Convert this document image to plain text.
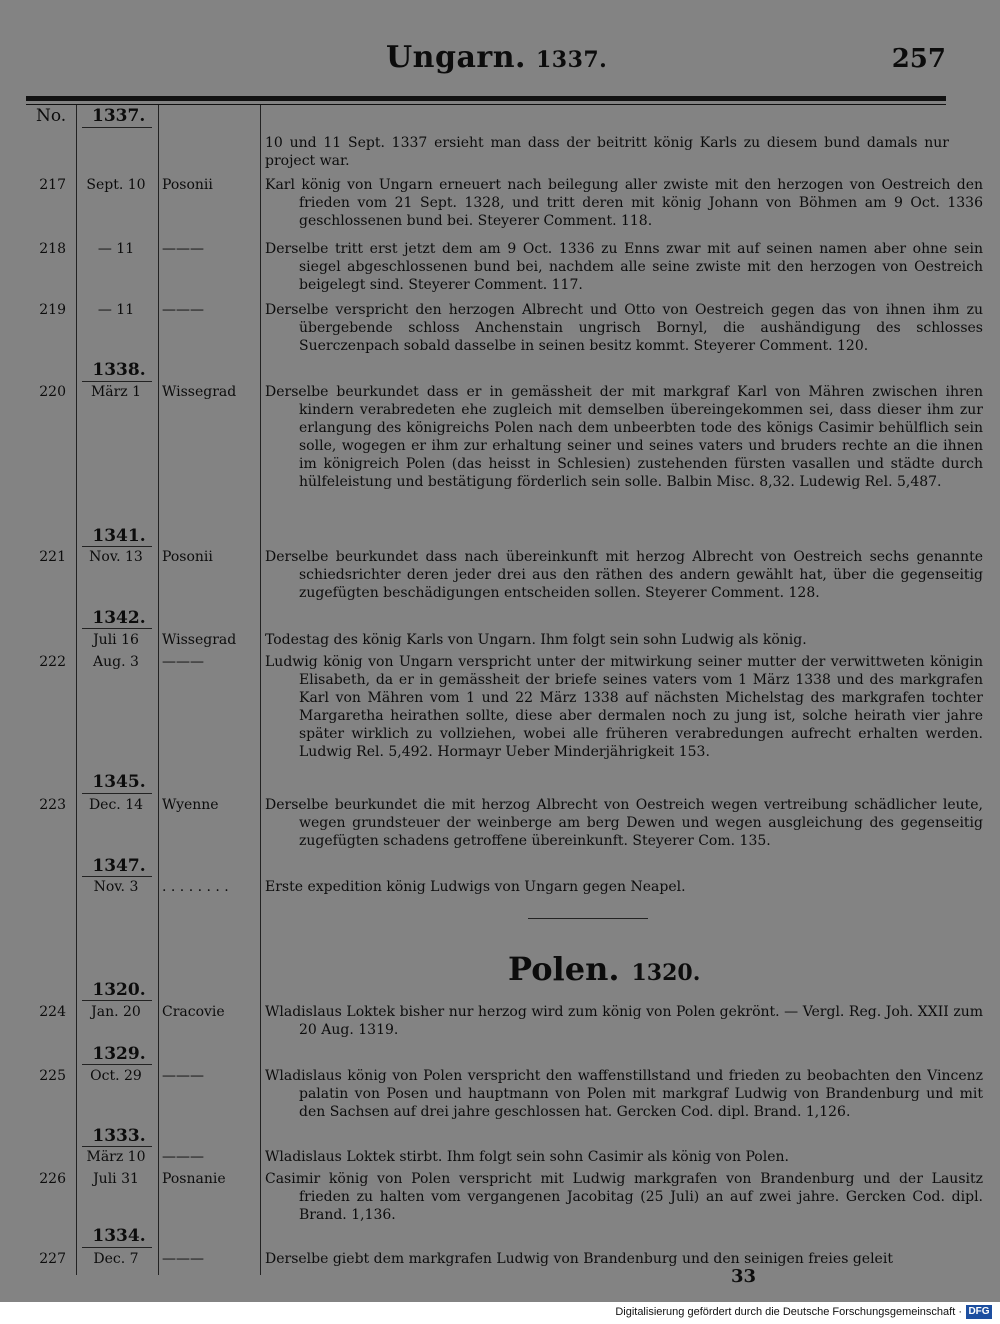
Ungarn. 1337.	257
No. 1337.
10 und 11 Sept. 1337 ersieht man dass der beitritt könig Karls zu diesem bund damals nur project war.
217	Sept. 10	Posonii	Karl könig von Ungarn erneuert nach beilegung aller zwiste mit den herzogen von Oestreich den frieden vom 21 Sept. 1328, und tritt deren mit könig Johann von Böhmen am 9 Oct. 1336 geschlossenen bund bei. Steyerer Comment. 118.
218	— 11	———	Derselbe tritt erst jetzt dem am 9 Oct. 1336 zu Enns zwar mit auf seinen namen aber ohne sein siegel abgeschlossenen bund bei, nachdem alle seine zwiste mit den herzogen von Oestreich beigelegt sind. Steyerer Comment. 117.
219	— 11	———	Derselbe verspricht den herzogen Albrecht und Otto von Oestreich gegen das von ihnen ihm zu übergebende schloss Anchenstain ungrisch Bornyl, die aushändigung des schlosses Suerczenpach sobald dasselbe in seinen besitz kommt. Steyerer Comment. 120.
1338.
220	März 1	Wissegrad	Derselbe beurkundet dass er in gemässheit der mit markgraf Karl von Mähren zwischen ihren kindern verabredeten ehe zugleich mit demselben übereingekommen sei, dass dieser ihm zur erlangung des königreichs Polen nach dem unbeerbten tode des königs Casimir behülflich sein solle, wogegen er ihm zur erhaltung seiner und seines vaters und bruders rechte an die ihnen im königreich Polen (das heisst in Schlesien) zustehenden fürsten vasallen und städte durch hülfeleistung und bestätigung förderlich sein solle. Balbin Misc. 8,32. Ludewig Rel. 5,487.
1341.
221	Nov. 13	Posonii	Derselbe beurkundet dass nach übereinkunft mit herzog Albrecht von Oestreich sechs genannte schiedsrichter deren jeder drei aus den räthen des andern gewählt hat, über die gegenseitig zugefügten beschädigungen entscheiden sollen. Steyerer Comment. 128.
1342.
Juli 16	Wissegrad	Todestag des könig Karls von Ungarn. Ihm folgt sein sohn Ludwig als könig.
222	Aug. 3	———	Ludwig könig von Ungarn verspricht unter der mitwirkung seiner mutter der verwittweten königin Elisabeth, da er in gemässheit der briefe seines vaters vom 1 März 1338 und des markgrafen Karl von Mähren vom 1 und 22 März 1338 auf nächsten Michelstag des markgrafen tochter Margaretha heirathen sollte, diese aber dermalen noch zu jung ist, solche heirath vier jahre später wirklich zu vollziehen, wobei alle früheren verabredungen aufrecht erhalten werden. Ludwig Rel. 5,492. Hormayr Ueber Minderjährigkeit 153.
1345.
223	Dec. 14	Wyenne	Derselbe beurkundet die mit herzog Albrecht von Oestreich wegen vertreibung schädlicher leute, wegen grundsteuer der weinberge am berg Dewen und wegen ausgleichung des gegenseitig zugefügten schadens getroffene übereinkunft. Steyerer Com. 135.
1347.
Nov. 3	. . . . . . . .	Erste expedition könig Ludwigs von Ungarn gegen Neapel.
Polen. 1320.
1320.
224	Jan. 20	Cracovie	Wladislaus Loktek bisher nur herzog wird zum könig von Polen gekrönt. — Vergl. Reg. Joh. XXII zum 20 Aug. 1319.
1329.
225	Oct. 29	———	Wladislaus könig von Polen verspricht den waffenstillstand und frieden zu beobachten den Vincenz palatin von Posen und hauptmann von Polen mit markgraf Ludwig von Brandenburg und mit den Sachsen auf drei jahre geschlossen hat. Gercken Cod. dipl. Brand. 1,126.
1333.
März 10	———	Wladislaus Loktek stirbt. Ihm folgt sein sohn Casimir als könig von Polen.
226	Juli 31	Posnanie	Casimir könig von Polen verspricht mit Ludwig markgrafen von Brandenburg und der Lausitz frieden zu halten vom vergangenen Jacobitag (25 Juli) an auf zwei jahre. Gercken Cod. dipl. Brand. 1,136.
1334.
227	Dec. 7	———	Derselbe giebt dem markgrafen Ludwig von Brandenburg und den seinigen freies geleit
33
Digitalisierung gefördert durch die Deutsche Forschungsgemeinschaft · DFG
